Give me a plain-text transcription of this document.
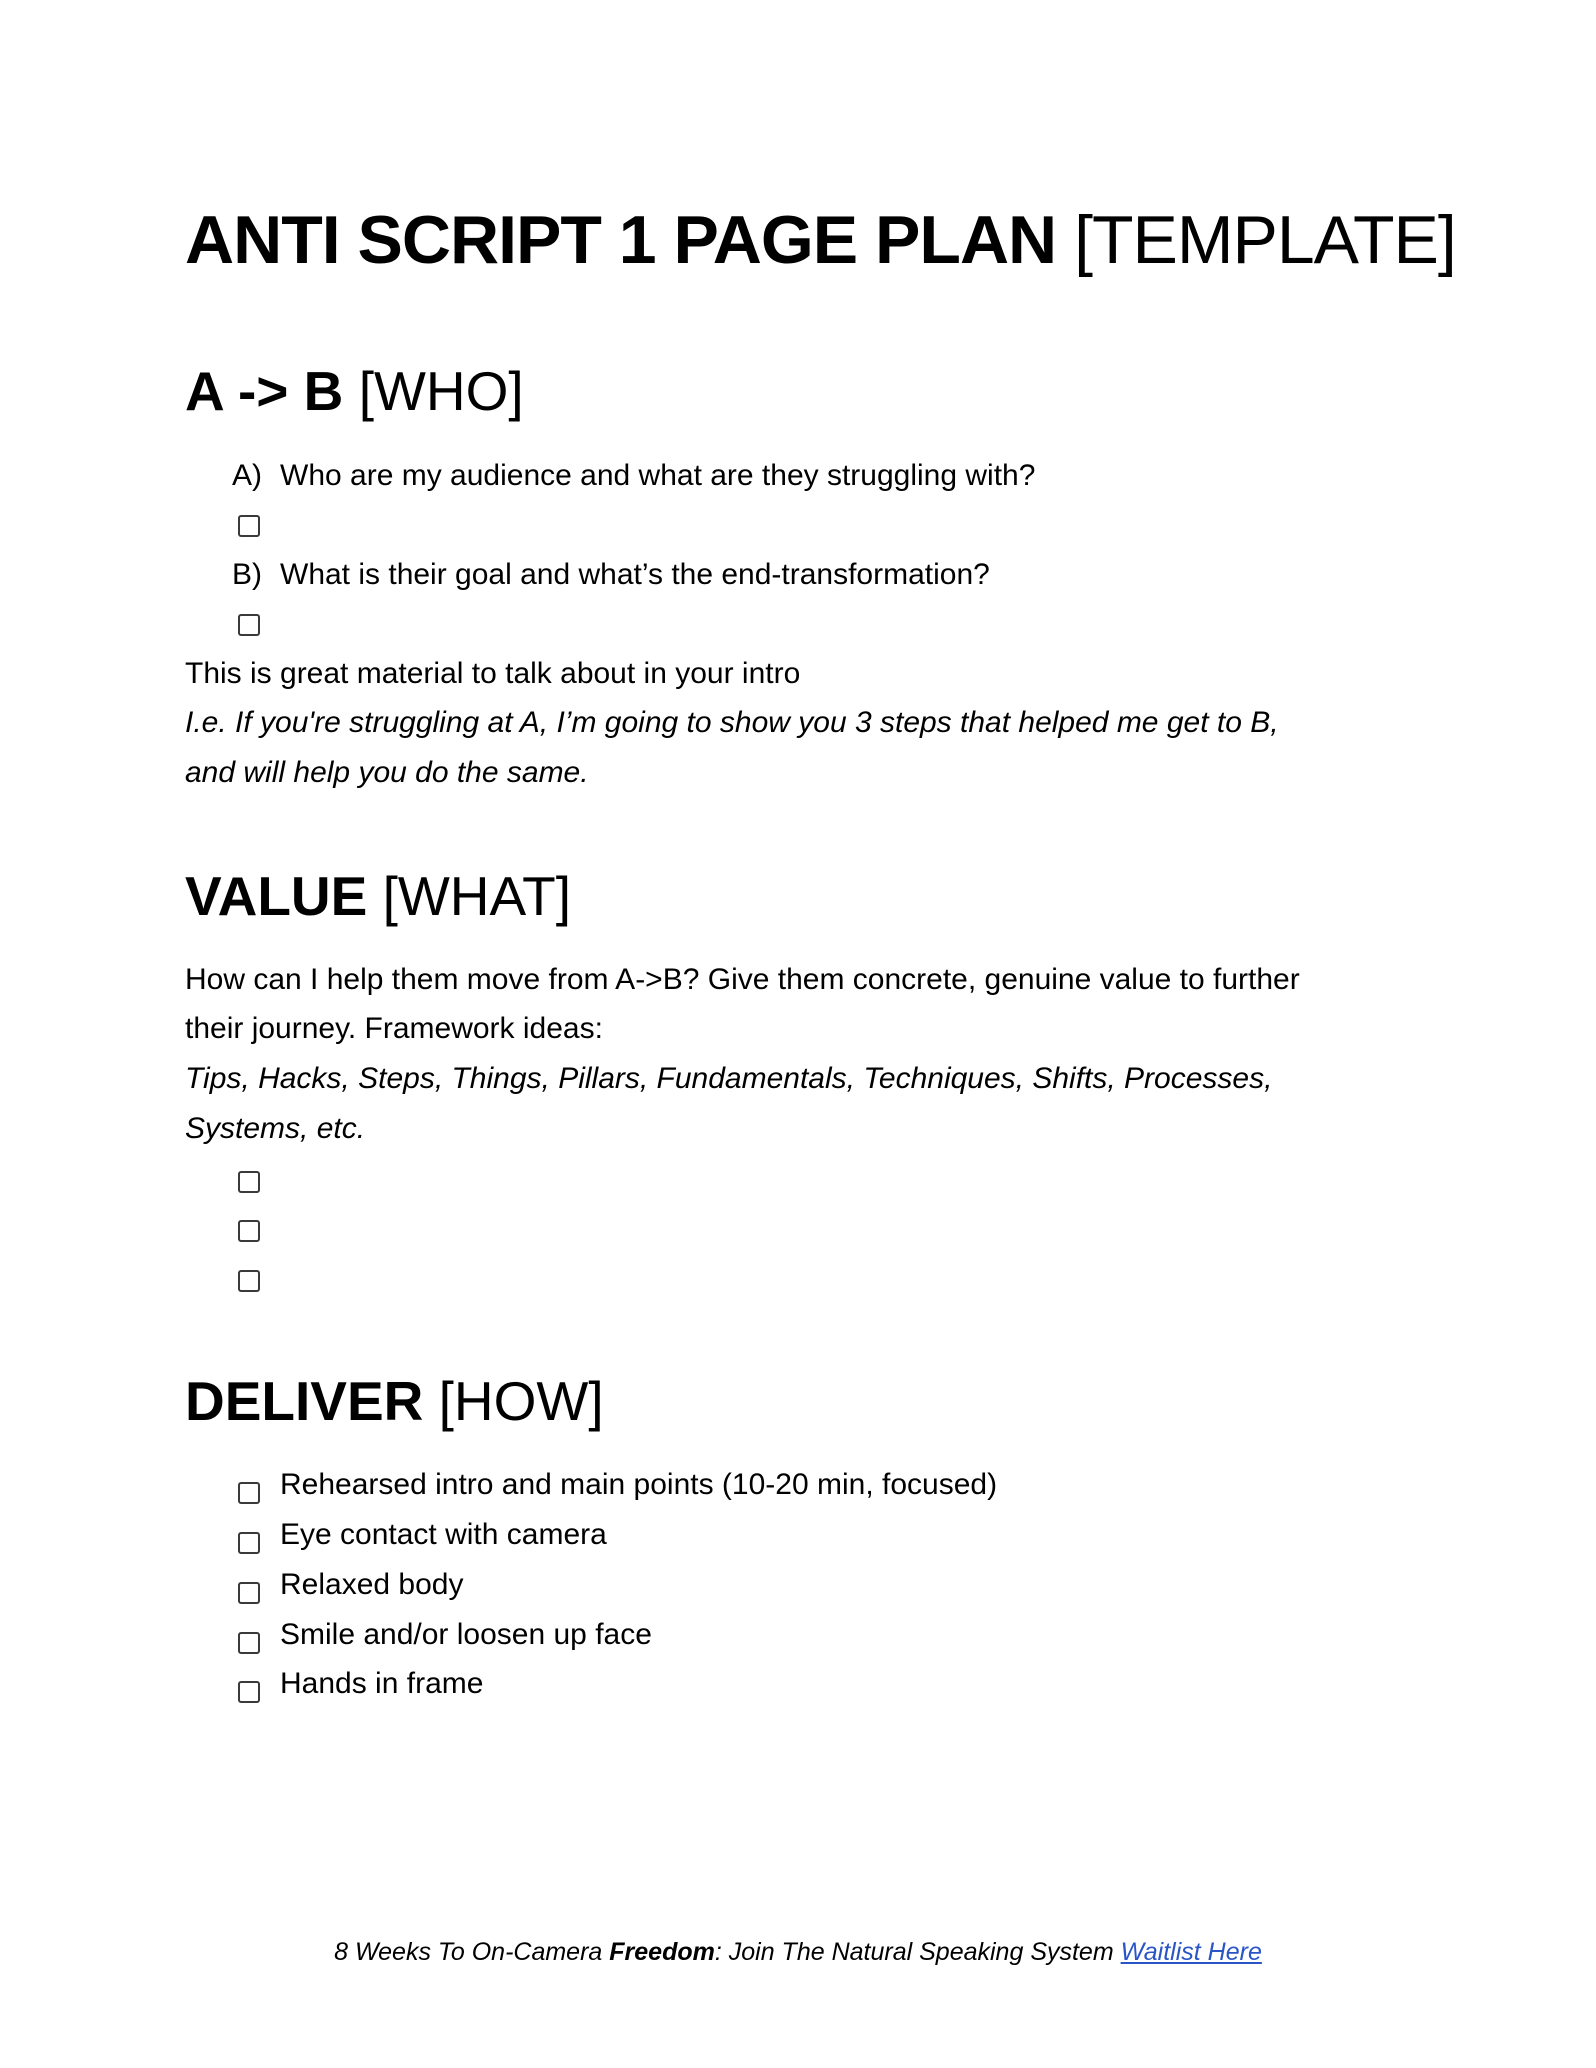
ANTI SCRIPT 1 PAGE PLAN [TEMPLATE]
A -> B [WHO]
A) Who are my audience and what are they struggling with?
B) What is their goal and what’s the end-transformation?
This is great material to talk about in your intro
I.e. If you're struggling at A, I’m going to show you 3 steps that helped me get to B,
and will help you do the same.
VALUE [WHAT]
How can I help them move from A->B? Give them concrete, genuine value to further
their journey. Framework ideas:
Tips, Hacks, Steps, Things, Pillars, Fundamentals, Techniques, Shifts, Processes,
Systems, etc.
DELIVER [HOW]
Rehearsed intro and main points (10-20 min, focused)
Eye contact with camera
Relaxed body
Smile and/or loosen up face
Hands in frame
8 Weeks To On-Camera Freedom: Join The Natural Speaking System Waitlist Here
